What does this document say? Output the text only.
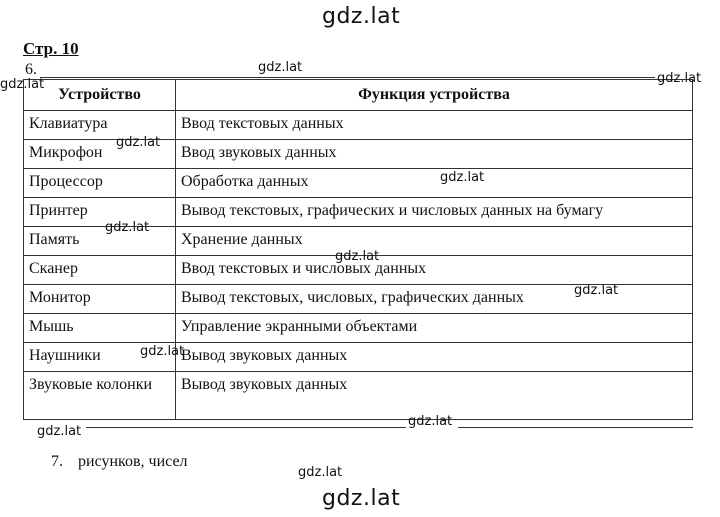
gdz.lat
gdz.lat
Стр. 10
6.
Устройство	Функция устройства
Клавиатура	Ввод текстовых данных
Микрофон	Ввод звуковых данных
Процессор	Обработка данных
Принтер	Вывод текстовых, графических и числовых данных на бумагу
Память	Хранение данных
Сканер	Ввод текстовых и числовых данных
Монитор	Вывод текстовых, числовых, графических данных
Мышь	Управление экранными объектами
Наушники	Вывод звуковых данных
Звуковые колонки	Вывод звуковых данных
gdz.lat
gdz.lat	gdz.lat
gdz.lat
gdz.lat
gdz.lat
gdz.lat
gdz.lat
gdz.lat
gdz.lat
gdz.lat
gdz.lat
7. рисунков, чисел
